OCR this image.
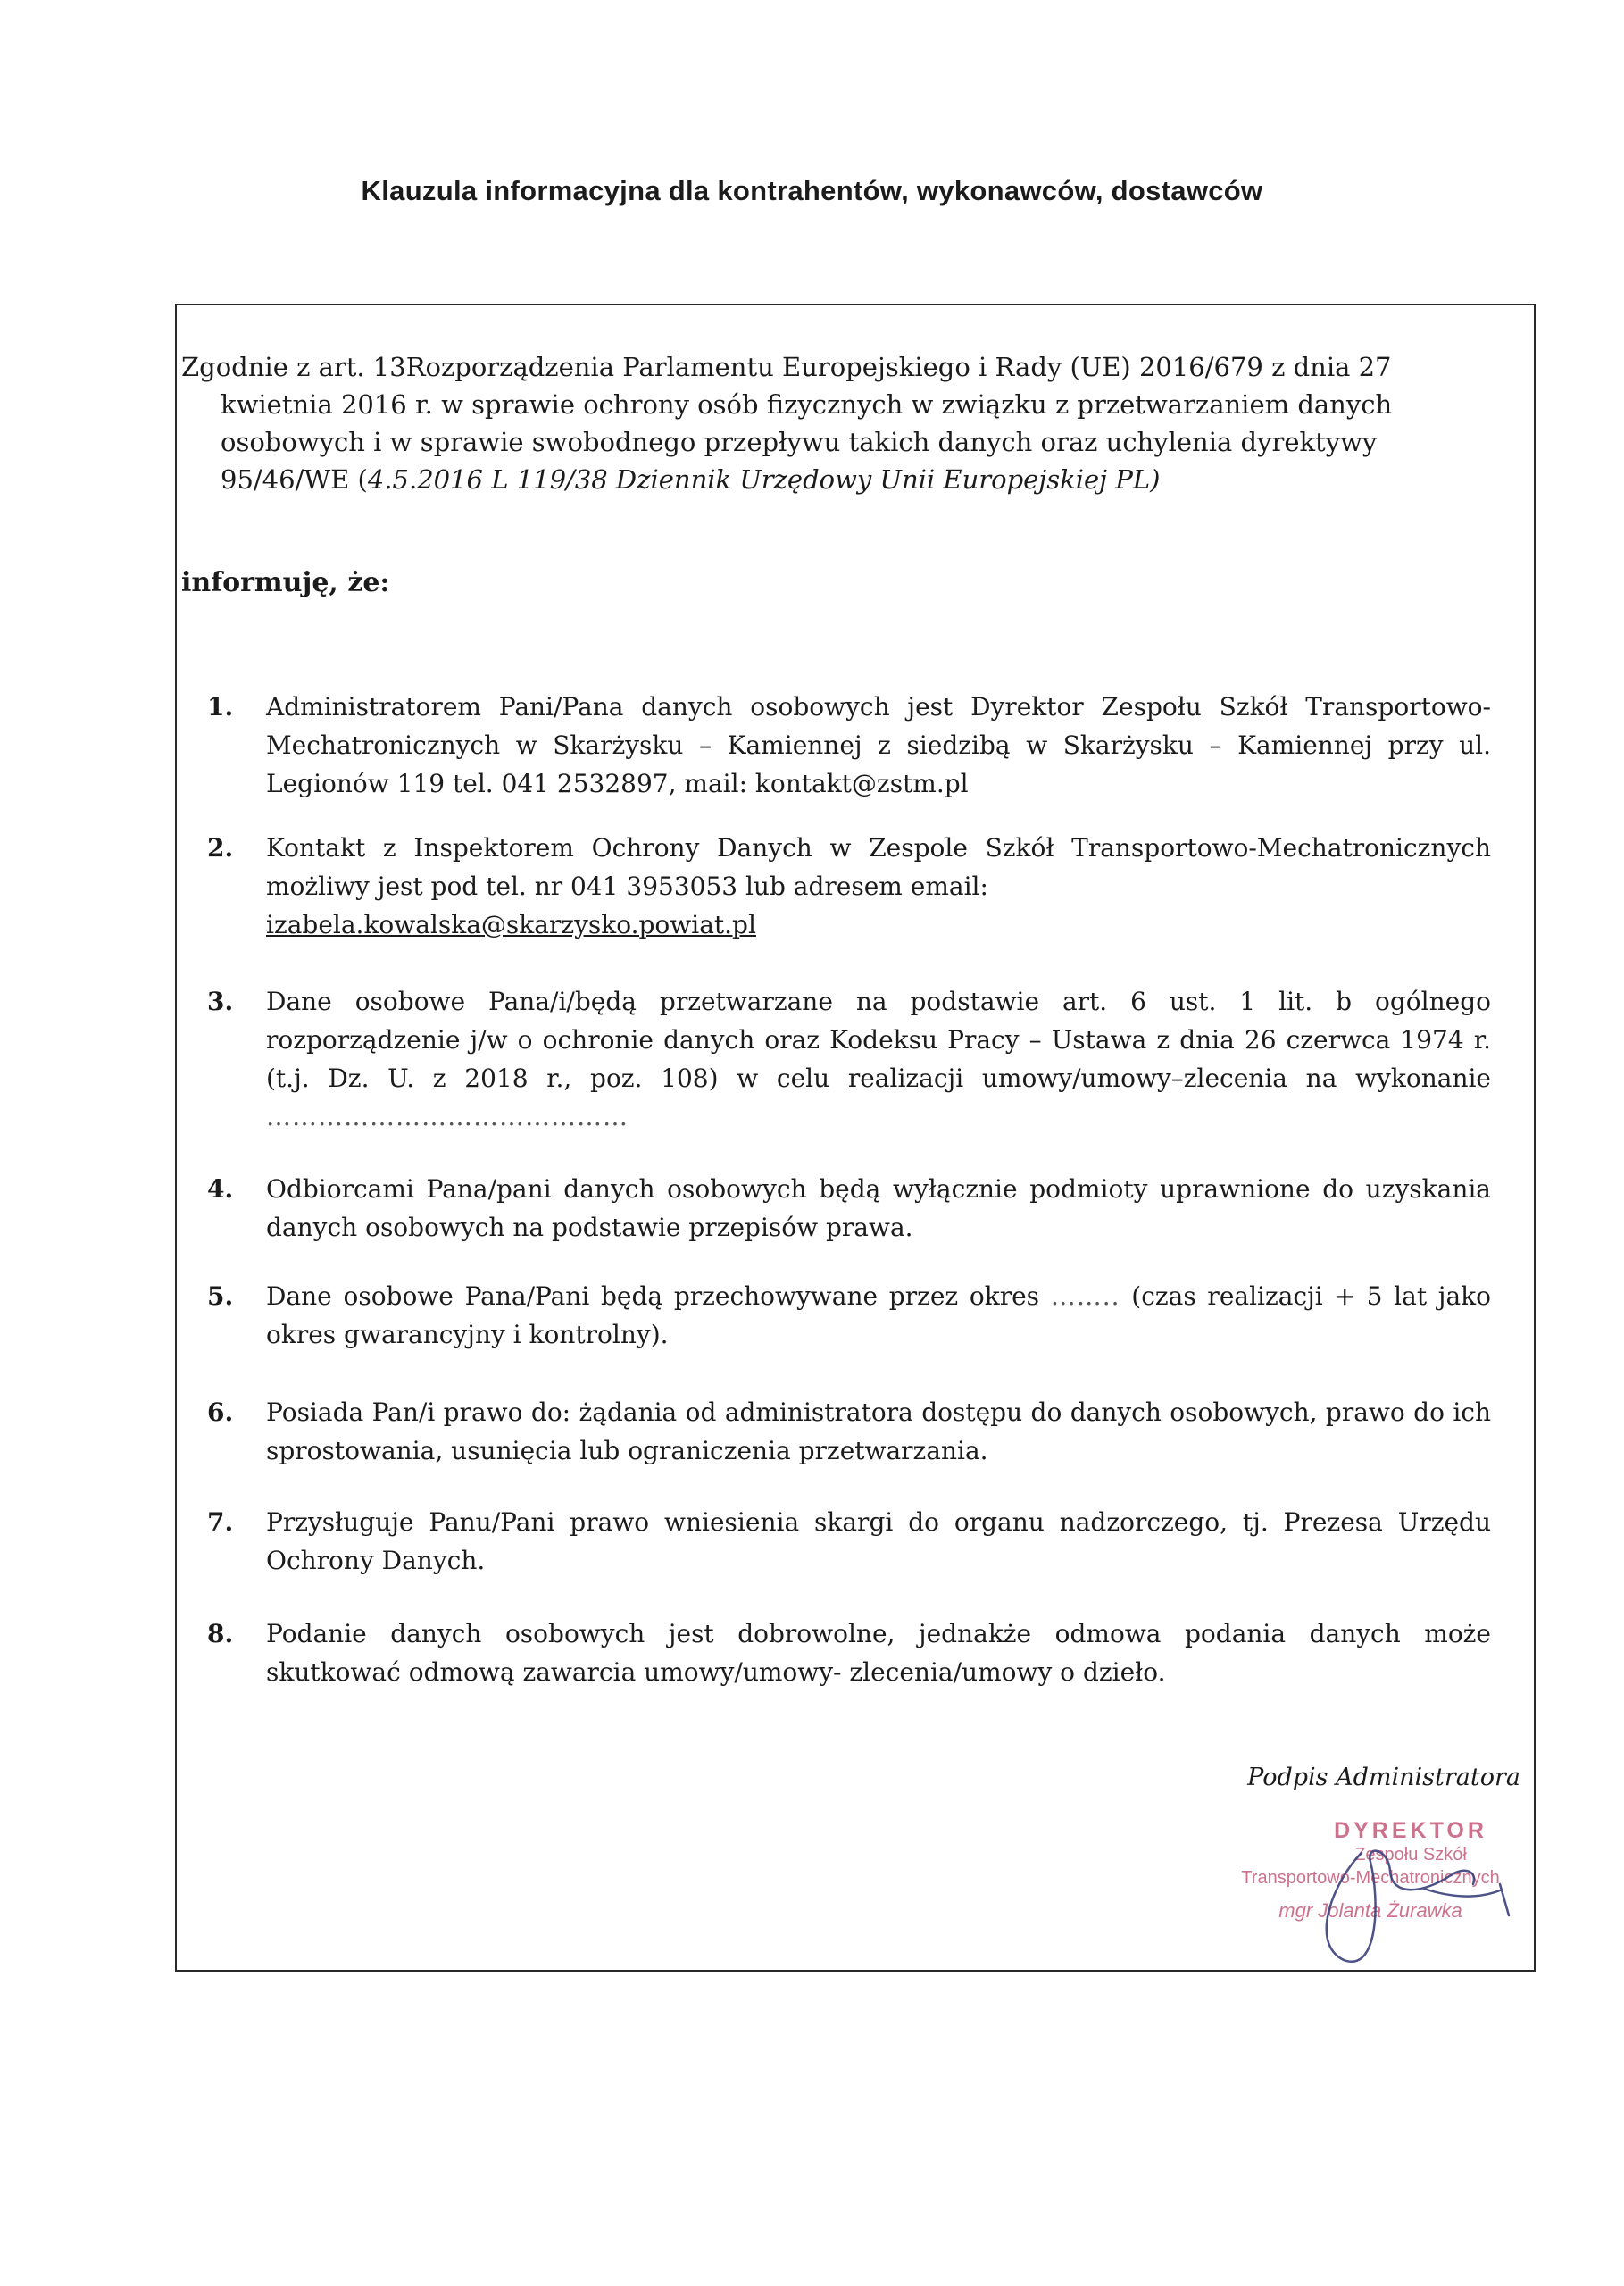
Klauzula informacyjna dla kontrahentów, wykonawców, dostawców

Zgodnie z art. 13Rozporządzenia Parlamentu Europejskiego i Rady (UE) 2016/679 z dnia 27

kwietnia 2016 r. w sprawie ochrony osób fizycznych w związku z przetwarzaniem danych

osobowych i w sprawie swobodnego przepływu takich danych oraz uchylenia dyrektywy

95/46/WE (4.5.2016 L 119/38 Dziennik Urzędowy Unii Europejskiej PL)

informuję, że:
1.	Administratorem Pani/Pana danych osobowych jest Dyrektor Zespołu Szkół Transportowo-Mechatronicznych w Skarżysku – Kamiennej z siedzibą w Skarżysku – Kamiennej przy ul. Legionów 119 tel. 041 2532897, mail: kontakt@zstm.pl
2.	Kontakt z Inspektorem Ochrony Danych w Zespole Szkół Transportowo-Mechatronicznych możliwy jest pod tel. nr 041 3953053 lub adresem email:
izabela.kowalska@skarzysko.powiat.pl
3.	Dane osobowe Pana/i/będą przetwarzane na podstawie art. 6 ust. 1 lit. b ogólnego rozporządzenie j/w o ochronie danych oraz Kodeksu Pracy – Ustawa z dnia 26 czerwca 1974 r. (t.j. Dz. U. z 2018 r., poz. 108) w celu realizacji umowy/umowy–zlecenia na wykonanie ……………………………………
4.	Odbiorcami Pana/pani danych osobowych będą wyłącznie podmioty uprawnione do uzyskania danych osobowych na podstawie przepisów prawa.
5.	Dane osobowe Pana/Pani będą przechowywane przez okres …….. (czas realizacji + 5 lat jako okres gwarancyjny i kontrolny).
6.	Posiada Pan/i prawo do: żądania od administratora dostępu do danych osobowych, prawo do ich sprostowania, usunięcia lub ograniczenia przetwarzania.
7.	Przysługuje Panu/Pani prawo wniesienia skargi do organu nadzorczego, tj. Prezesa Urzędu Ochrony Danych.
8.	Podanie danych osobowych jest dobrowolne, jednakże odmowa podania danych może skutkować odmową zawarcia umowy/umowy- zlecenia/umowy o dzieło.
Podpis Administratora
DYREKTOR
Zespołu Szkół
Transportowo-Mechatronicznych
mgr Jolanta Żurawka
